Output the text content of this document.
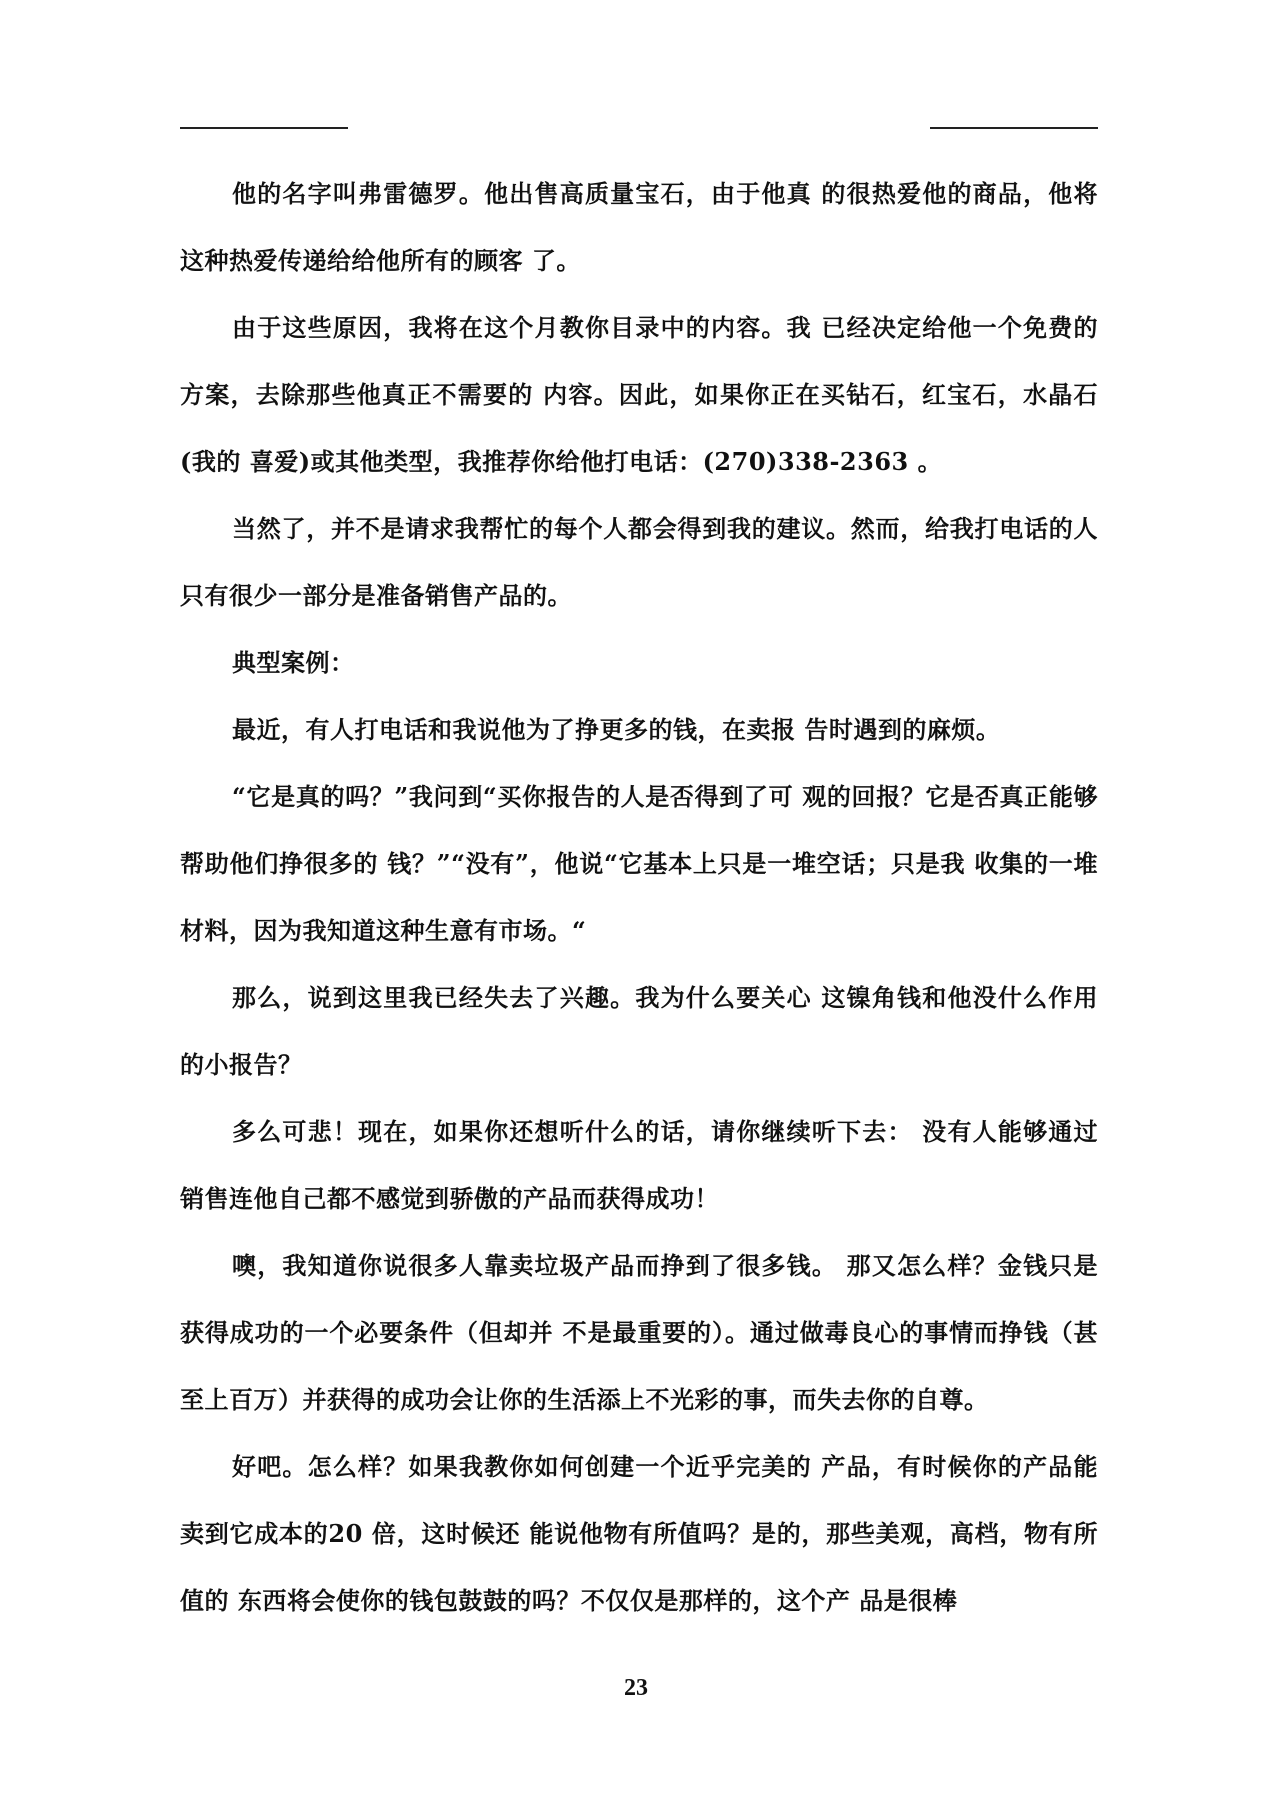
他的名字叫弗雷德罗。他出售高质量宝石，由于他真 的很热爱他的商品，他将这种热爱传递给给他所有的顾客 了。

由于这些原因，我将在这个月教你目录中的内容。我 已经决定给他一个免费的方案，去除那些他真正不需要的 内容。因此，如果你正在买钻石，红宝石，水晶石(我的 喜爱)或其他类型，我推荐你给他打电话：(270)338-2363 。

当然了，并不是请求我帮忙的每个人都会得到我的建议。然而，给我打电话的人只有很少一部分是准备销售产品的。

典型案例：

最近，有人打电话和我说他为了挣更多的钱，在卖报 告时遇到的麻烦。

“它是真的吗？”我问到“买你报告的人是否得到了可 观的回报？它是否真正能够帮助他们挣很多的 钱？”“没有”，他说“它基本上只是一堆空话；只是我 收集的一堆材料，因为我知道这种生意有市场。“

那么，说到这里我已经失去了兴趣。我为什么要关心 这镍角钱和他没什么作用的小报告？

多么可悲！现在，如果你还想听什么的话，请你继续听下去： 没有人能够通过销售连他自己都不感觉到骄傲的产品而获得成功！

噢，我知道你说很多人靠卖垃圾产品而挣到了很多钱。 那又怎么样？金钱只是获得成功的一个必要条件（但却并 不是最重要的）。通过做毒良心的事情而挣钱（甚至上百万）并获得的成功会让你的生活添上不光彩的事，而失去你的自尊。

好吧。怎么样？如果我教你如何创建一个近乎完美的 产品，有时候你的产品能卖到它成本的20 倍，这时候还 能说他物有所值吗？是的，那些美观，高档，物有所值的 东西将会使你的钱包鼓鼓的吗？不仅仅是那样的，这个产 品是很棒

23
